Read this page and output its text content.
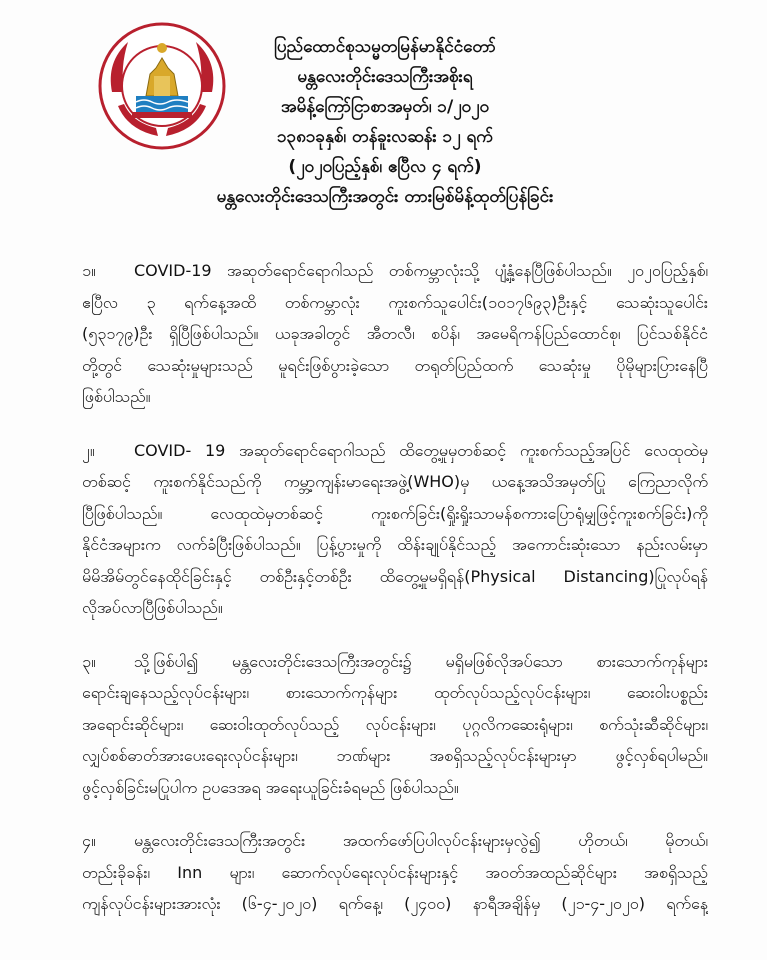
ပြည်ထောင်စုသမ္မတမြန်မာနိုင်ငံတော်
မန္တလေးတိုင်းဒေသကြီးအစိုးရ
အမိန့်ကြော်ငြာစာအမှတ်၊ ၁/၂၀၂၀
၁၃၈၁ခုနှစ်၊ တန်ခူးလဆန်း ၁၂ ရက်
(၂၀၂၀ပြည့်နှစ်၊ ဧပြီလ ၄ ရက်)
မန္တလေးတိုင်းဒေသကြီးအတွင်း တားမြစ်မိန့်ထုတ်ပြန်ခြင်း
၁။ COVID-19 အဆုတ်ရောင်ရောဂါသည် တစ်ကမ္ဘာလုံးသို့ ပျံ့နှံ့နေပြီဖြစ်ပါသည်။ ၂၀၂၀ပြည့်နှစ်၊
ဧပြီလ ၃ ရက်နေ့အထိ တစ်ကမ္ဘာလုံး ကူးစက်သူပေါင်း(၁၀၁၇၆၉၃)ဦးနှင့် သေဆုံးသူပေါင်း
(၅၃၁၇၉)ဦး ရှိပြီဖြစ်ပါသည်။ ယခုအခါတွင် အီတလီ၊ စပိန်၊ အမေရိကန်ပြည်ထောင်စု၊ ပြင်သစ်နိုင်ငံ
တို့တွင် သေဆုံးမှုများသည် မူရင်းဖြစ်ပွားခဲ့သော တရုတ်ပြည်ထက် သေဆုံးမှု ပိုမိုများပြားနေပြီ
ဖြစ်ပါသည်။
၂။ COVID- 19 အဆုတ်ရောင်ရောဂါသည် ထိတွေ့မှုမှတစ်ဆင့် ကူးစက်သည့်အပြင် လေထုထဲမှ
တစ်ဆင့် ကူးစက်နိုင်သည်ကို ကမ္ဘာ့ကျန်းမာရေးအဖွဲ့(WHO)မှ ယနေ့အသိအမှတ်ပြု ကြေညာလိုက်
ပြီဖြစ်ပါသည်။ လေထုထဲမှတစ်ဆင့် ကူးစက်ခြင်း(ရှိုးရှိုးသာမန်စကားပြောရုံမျှဖြင့်ကူးစက်ခြင်း)ကို
နိုင်ငံအများက လက်ခံပြီးဖြစ်ပါသည်။ ပြန့်ပွားမှုကို ထိန်းချုပ်နိုင်သည့် အကောင်းဆုံးသော နည်းလမ်းမှာ
မိမိအိမ်တွင်နေထိုင်ခြင်းနှင့် တစ်ဦးနှင့်တစ်ဦး ထိတွေ့မှုမရှိရန်(Physical Distancing)ပြုလုပ်ရန်
လိုအပ်လာပြီဖြစ်ပါသည်။
၃။ သို့ဖြစ်ပါ၍ မန္တလေးတိုင်းဒေသကြီးအတွင်း၌ မရှိမဖြစ်လိုအပ်သော စားသောက်ကုန်များ
ရောင်းချနေသည့်လုပ်ငန်းများ၊ စားသောက်ကုန်များ ထုတ်လုပ်သည့်လုပ်ငန်းများ၊ ဆေးဝါးပစ္စည်း
အရောင်းဆိုင်များ၊ ဆေးဝါးထုတ်လုပ်သည့် လုပ်ငန်းများ၊ ပုဂ္ဂလိကဆေးရုံများ၊ စက်သုံးဆီဆိုင်များ၊
လျှပ်စစ်ဓာတ်အားပေးရေးလုပ်ငန်းများ၊ ဘဏ်များ အစရှိသည့်လုပ်ငန်းများမှာ ဖွင့်လှစ်ရပါမည်။
ဖွင့်လှစ်ခြင်းမပြုပါက ဥပဒေအရ အရေးယူခြင်းခံရမည် ဖြစ်ပါသည်။
၄။ မန္တလေးတိုင်းဒေသကြီးအတွင်း အထက်ဖော်ပြပါလုပ်ငန်းများမှလွဲ၍ ဟိုတယ်၊ မိုတယ်၊
တည်းခိုခန်း၊ Inn များ၊ ဆောက်လုပ်ရေးလုပ်ငန်းများနှင့် အဝတ်အထည်ဆိုင်များ အစရှိသည့်
ကျန်လုပ်ငန်းများအားလုံး (၆-၄-၂၀၂၀) ရက်နေ့၊ (၂၄၀၀) နာရီအချိန်မှ (၂၁-၄-၂၀၂၀) ရက်နေ့
